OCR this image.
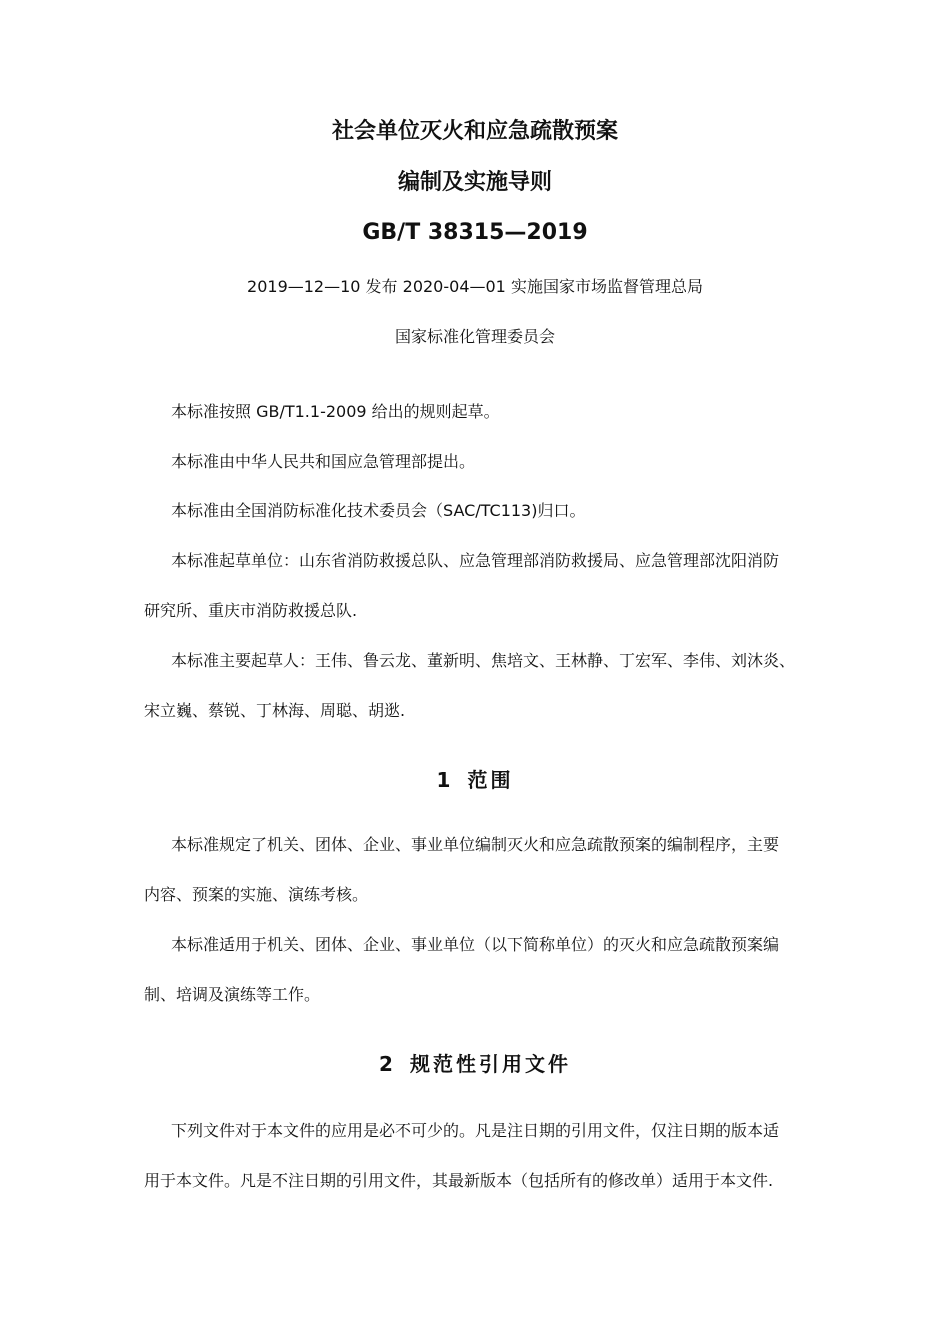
社会单位灭火和应急疏散预案
编制及实施导则
GB/T 38315—2019
2019—12—10 发布 2020-04—01 实施国家市场监督管理总局
国家标准化管理委员会
本标准按照 GB/T1.1-2009 给出的规则起草。
本标准由中华人民共和国应急管理部提出。
本标准由全国消防标准化技术委员会（SAC/TC113)归口。
本标准起草单位：山东省消防救援总队、应急管理部消防救援局、应急管理部沈阳消防
研究所、重庆市消防救援总队.
本标准主要起草人：王伟、鲁云龙、董新明、焦培文、王林静、丁宏军、李伟、刘沐炎、
宋立巍、蔡锐、丁林海、周聪、胡逖.
1 范围
本标准规定了机关、团体、企业、事业单位编制灭火和应急疏散预案的编制程序，主要
内容、预案的实施、演练考核。
本标准适用于机关、团体、企业、事业单位（以下简称单位）的灭火和应急疏散预案编
制、培调及演练等工作。
2 规范性引用文件
下列文件对于本文件的应用是必不可少的。凡是注日期的引用文件，仅注日期的版本适
用于本文件。凡是不注日期的引用文件，其最新版本（包括所有的修改单）适用于本文件.
